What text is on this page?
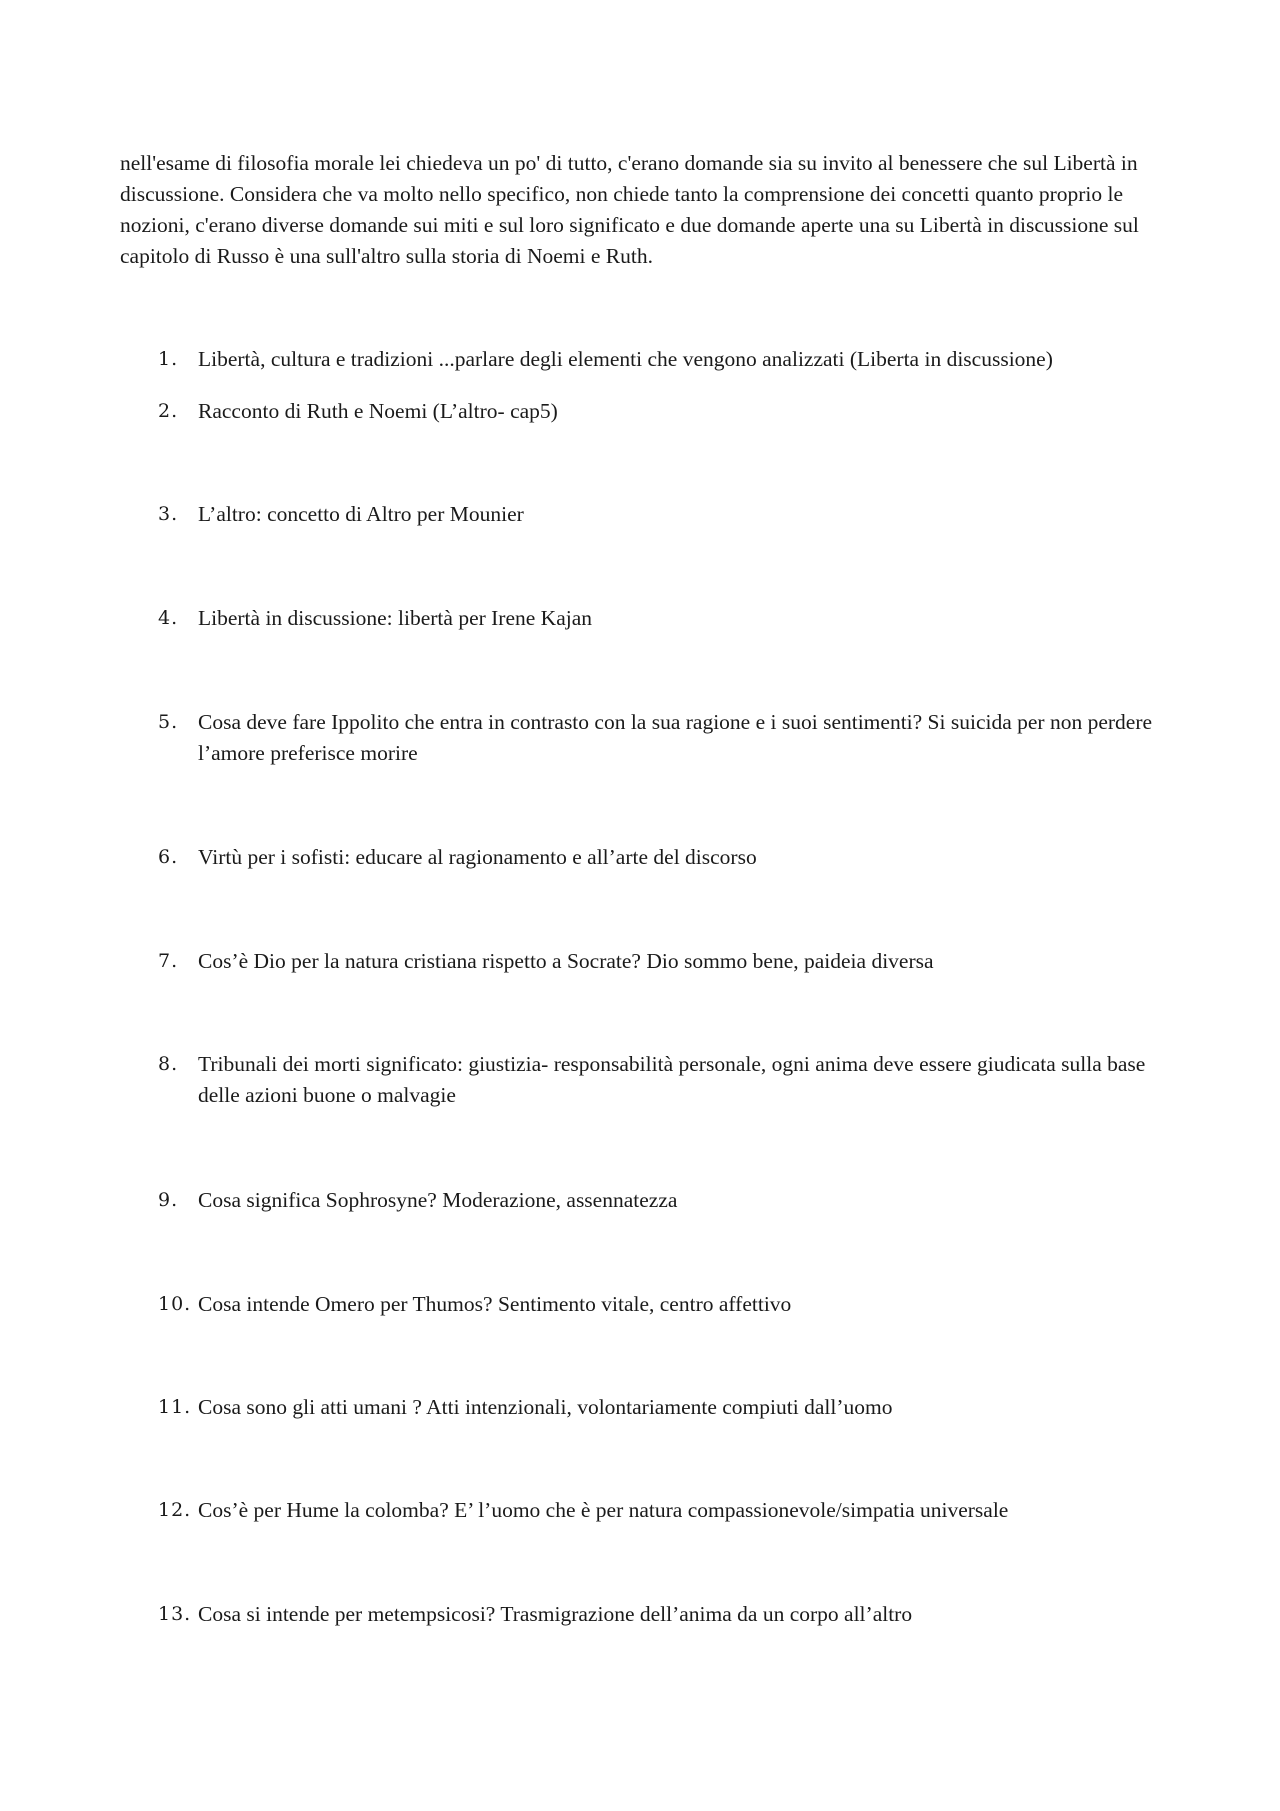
nell'esame di filosofia morale lei chiedeva un po' di tutto, c'erano domande sia su invito al benessere che sul Libertà in discussione. Considera che va molto nello specifico, non chiede tanto la comprensione dei concetti quanto proprio le nozioni, c'erano diverse domande sui miti e sul loro significato e due domande aperte una su Libertà in discussione sul capitolo di Russo è una sull'altro sulla storia di Noemi e Ruth.

1. Libertà, cultura e tradizioni ...parlare degli elementi che vengono analizzati (Liberta in discussione)
2. Racconto di Ruth e Noemi (L’altro- cap5)
3. L’altro: concetto di Altro per Mounier
4. Libertà in discussione: libertà per Irene Kajan
5. Cosa deve fare Ippolito che entra in contrasto con la sua ragione e i suoi sentimenti? Si suicida per non perdere l’amore preferisce morire
6. Virtù per i sofisti: educare al ragionamento e all’arte del discorso
7. Cos’è Dio per la natura cristiana rispetto a Socrate? Dio sommo bene, paideia diversa
8. Tribunali dei morti significato: giustizia- responsabilità personale, ogni anima deve essere giudicata sulla base delle azioni buone o malvagie
9. Cosa significa Sophrosyne? Moderazione, assennatezza
10. Cosa intende Omero per Thumos? Sentimento vitale, centro affettivo
11. Cosa sono gli atti umani ? Atti intenzionali, volontariamente compiuti dall’uomo
12. Cos’è per Hume la colomba? E’ l’uomo che è per natura compassionevole/simpatia universale
13. Cosa si intende per metempsicosi? Trasmigrazione dell’anima da un corpo all’altro
